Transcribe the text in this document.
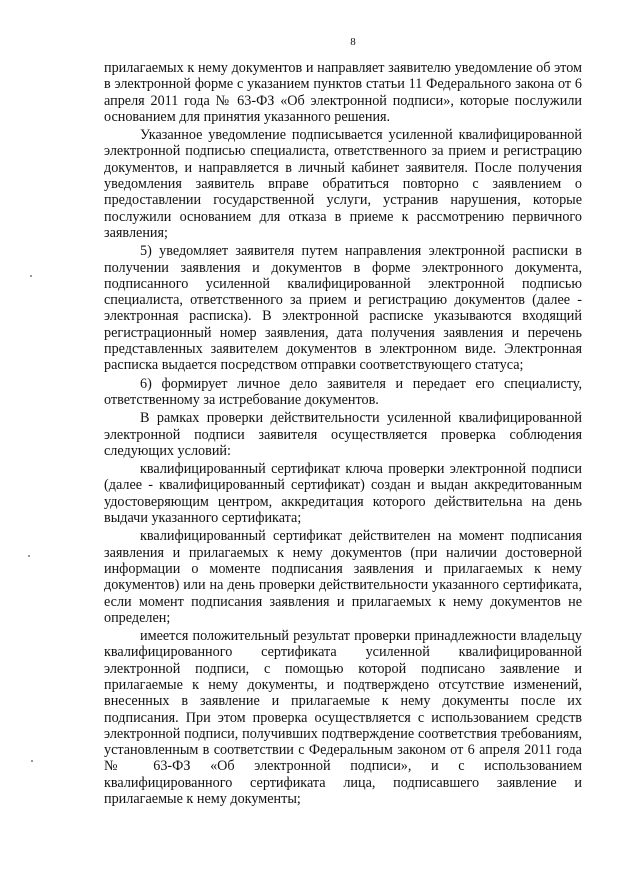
8

прилагаемых к нему документов и направляет заявителю уведомление об этом в электронной форме с указанием пунктов статьи 11 Федерального закона от 6 апреля 2011 года № 63-ФЗ «Об электронной подписи», которые послужили основанием для принятия указанного решения.

Указанное уведомление подписывается усиленной квалифицированной электронной подписью специалиста, ответственного за прием и регистрацию документов, и направляется в личный кабинет заявителя. После получения уведомления заявитель вправе обратиться повторно с заявлением о предоставлении государственной услуги, устранив нарушения, которые послужили основанием для отказа в приеме к рассмотрению первичного заявления;

5) уведомляет заявителя путем направления электронной расписки в получении заявления и документов в форме электронного документа, подписанного усиленной квалифицированной электронной подписью специалиста, ответственного за прием и регистрацию документов (далее - электронная расписка). В электронной расписке указываются входящий регистрационный номер заявления, дата получения заявления и перечень представленных заявителем документов в электронном виде. Электронная расписка выдается посредством отправки соответствующего статуса;

6) формирует личное дело заявителя и передает его специалисту, ответственному за истребование документов.

В рамках проверки действительности усиленной квалифицированной электронной подписи заявителя осуществляется проверка соблюдения следующих условий:

квалифицированный сертификат ключа проверки электронной подписи (далее - квалифицированный сертификат) создан и выдан аккредитованным удостоверяющим центром, аккредитация которого действительна на день выдачи указанного сертификата;

квалифицированный сертификат действителен на момент подписания заявления и прилагаемых к нему документов (при наличии достоверной информации о моменте подписания заявления и прилагаемых к нему документов) или на день проверки действительности указанного сертификата, если момент подписания заявления и прилагаемых к нему документов не определен;

имеется положительный результат проверки принадлежности владельцу квалифицированного сертификата усиленной квалифицированной электронной подписи, с помощью которой подписано заявление и прилагаемые к нему документы, и подтверждено отсутствие изменений, внесенных в заявление и прилагаемые к нему документы после их подписания. При этом проверка осуществляется с использованием средств электронной подписи, получивших подтверждение соответствия требованиям, установленным в соответствии с Федеральным законом от 6 апреля 2011 года № 63-ФЗ «Об электронной подписи», и с использованием квалифицированного сертификата лица, подписавшего заявление и прилагаемые к нему документы;
